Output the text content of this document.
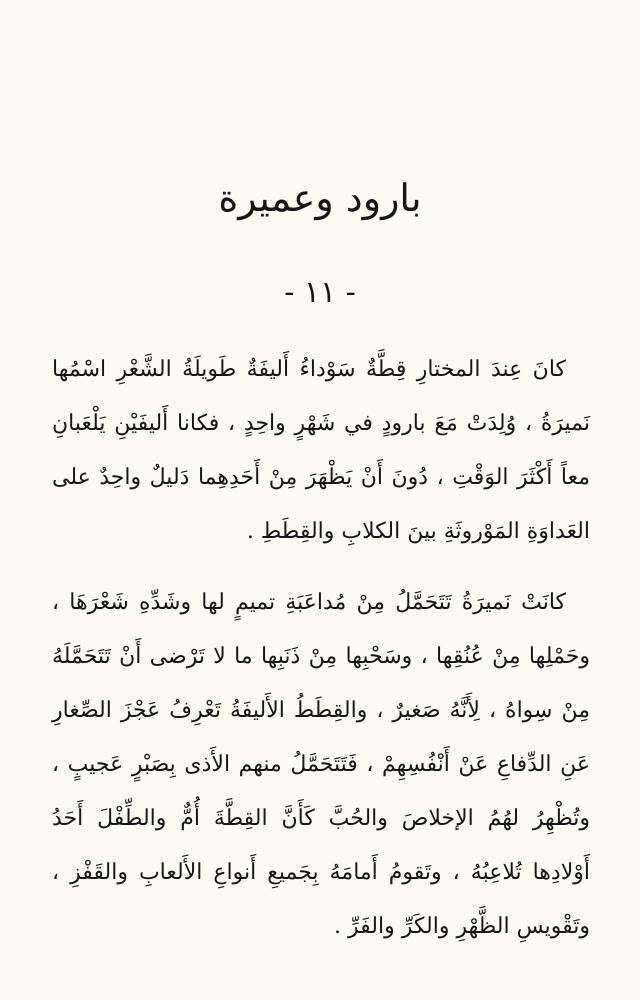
بارود وعميرة
- ١١ -

كانَ عِندَ المختارِ قِطَّةٌ سَوْداءُ أَليفَةٌ طَويلَةُ الشَّعْرِ اسْمُها نَميرَةُ ، وُلِدَتْ مَعَ بارودٍ في شَهْرٍ واحِدٍ ، فكانا أَليفَيْنِ يَلْعَبانِ معاً أَكْثَرَ الوَقْتِ ، دُونَ أَنْ يَظْهَرَ مِنْ أَحَدِهِما دَليلٌ واحِدٌ على العَداوَةِ المَوْروثَةِ بينَ الكلابِ والقِطَطِ .

كانَتْ نَميرَةُ تَتَحَمَّلُ مِنْ مُداعَبَةِ تميمٍ لها وشَدِّهِ شَعْرَهَا ، وحَمْلِها مِنْ عُنُقِها ، وسَحْبِها مِنْ ذَنَبِها ما لا تَرْضى أَنْ تَتَحَمَّلَهُ مِنْ سِواهُ ، لِأَنَّهُ صَغيرٌ ، والقِطَطُ الأَليفَةُ تَعْرِفُ عَجْزَ الصِّغارِ عَنِ الدِّفاعِ عَنْ أَنْفُسِهِمْ ، فَتَتَحَمَّلُ منهم الأَذى بِصَبْرٍ عَجيبٍ ، وتُظْهِرُ لهُمُ الإخلاصَ والحُبَّ كَأَنَّ القِطَّةَ أُمٌّ والطِّفْلَ أَحَدُ أَوْلادِها تُلاعِبُهُ ، وتَقومُ أَمامَهُ بِجَميعِ أَنواعِ الأَلعابِ والقَفْزِ ، وتَقْويسِ الظَّهْرِ والكَرِّ والفَرِّ .
